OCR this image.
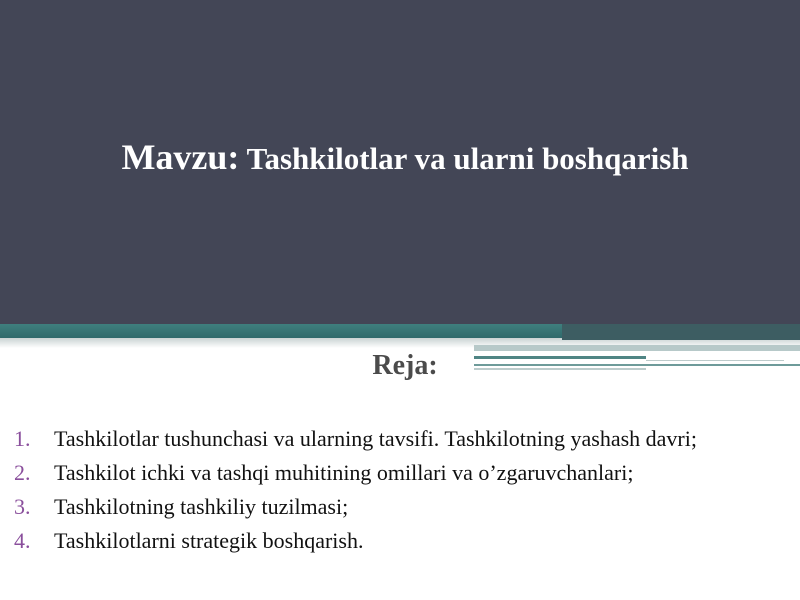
Mavzu: Tashkilotlar va ularni boshqarish
Reja:
1. Tashkilotlar tushunchasi va ularning tavsifi. Tashkilotning yashash davri;
2. Tashkilot ichki va tashqi muhitining omillari va o’zgaruvchanlari;
3. Tashkilotning tashkiliy tuzilmasi;
4. Tashkilotlarni strategik boshqarish.
